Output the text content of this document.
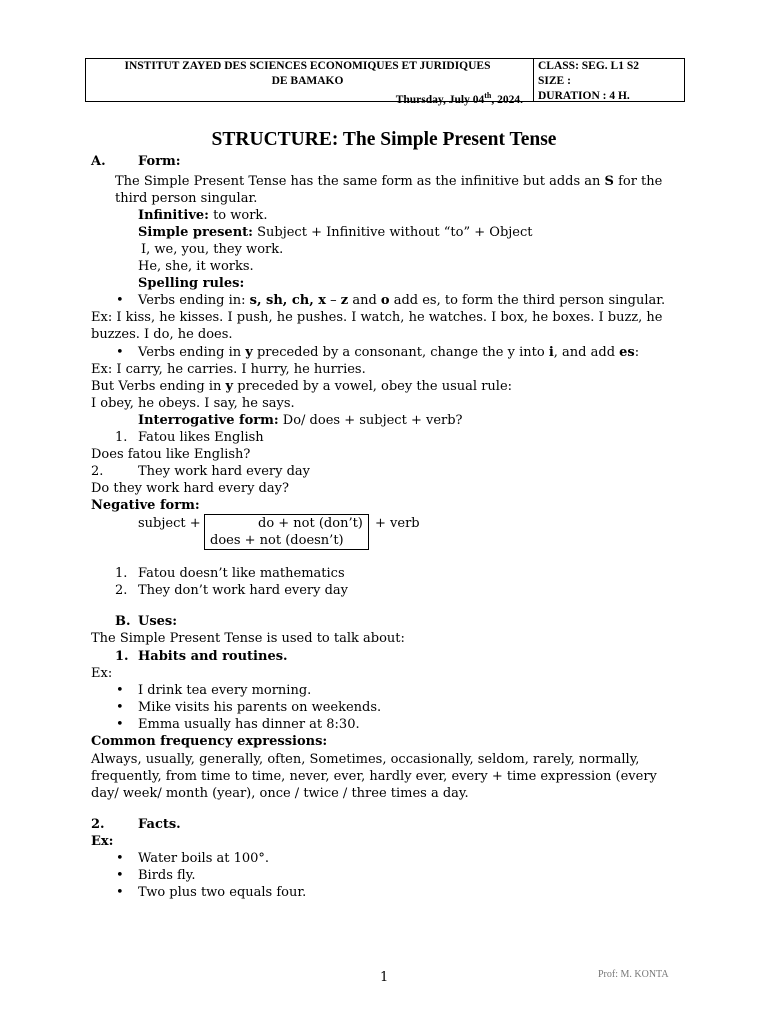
INSTITUT ZAYED DES SCIENCES ECONOMIQUES ET JURIDIQUES
DE BAMAKO
Thursday, July 04th, 2024.
CLASS: SEG. L1 S2
SIZE :
DURATION : 4 H.
STRUCTURE: The Simple Present Tense
A. Form:
The Simple Present Tense has the same form as the infinitive but adds an S for the
third person singular.
Infinitive: to work.
Simple present: Subject + Infinitive without “to” + Object
I, we, you, they work.
He, she, it works.
Spelling rules:
• Verbs ending in: s, sh, ch, x – z and o add es, to form the third person singular.
Ex: I kiss, he kisses. I push, he pushes. I watch, he watches. I box, he boxes. I buzz, he
buzzes. I do, he does.
• Verbs ending in y preceded by a consonant, change the y into i, and add es:
Ex: I carry, he carries. I hurry, he hurries.
But Verbs ending in y preceded by a vowel, obey the usual rule:
I obey, he obeys. I say, he says.
Interrogative form: Do/ does + subject + verb?
1. Fatou likes English
Does fatou like English?
2.	They work hard every day
Do they work hard every day?
Negative form:
subject +	do + not (don’t)
does + not (doesn’t)
+ verb
1. Fatou doesn’t like mathematics
2. They don’t work hard every day
B. Uses:
The Simple Present Tense is used to talk about:
1. Habits and routines.
Ex:
• I drink tea every morning.
• Mike visits his parents on weekends.
• Emma usually has dinner at 8:30.
Common frequency expressions:
Always, usually, generally, often, Sometimes, occasionally, seldom, rarely, normally,
frequently, from time to time, never, ever, hardly ever, every + time expression (every
day/ week/ month (year), once / twice / three times a day.
2.	Facts.
Ex:
• Water boils at 100°.
• Birds fly.
• Two plus two equals four.
1	Prof: M. KONTA
